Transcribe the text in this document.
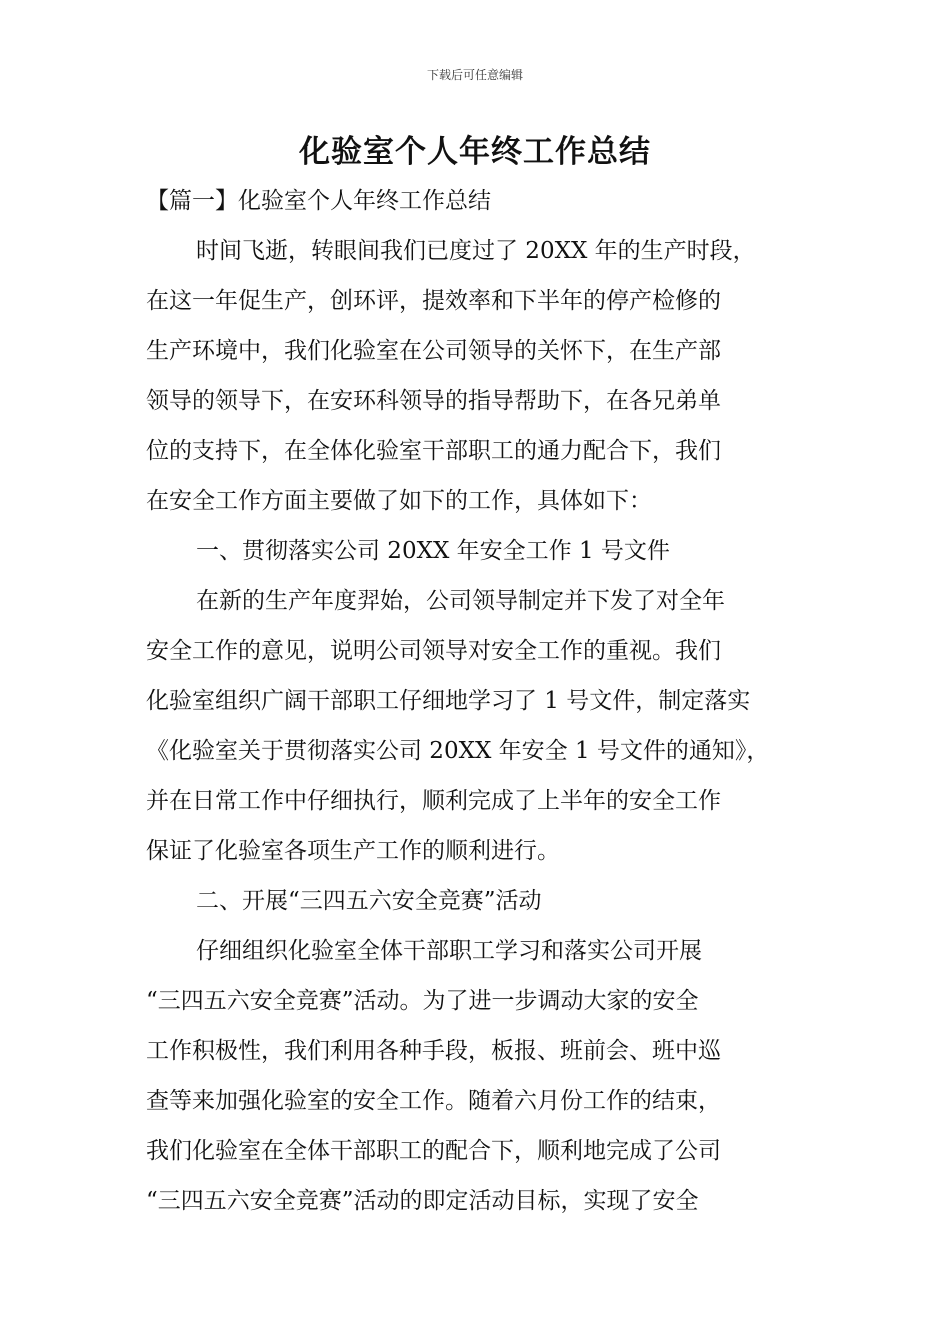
下载后可任意编辑
化验室个人年终工作总结
【篇一】化验室个人年终工作总结
时间飞逝，转眼间我们已度过了 20XX 年的生产时段，
在这一年促生产，创环评，提效率和下半年的停产检修的
生产环境中，我们化验室在公司领导的关怀下，在生产部
领导的领导下，在安环科领导的指导帮助下，在各兄弟单
位的支持下，在全体化验室干部职工的通力配合下，我们
在安全工作方面主要做了如下的工作，具体如下：
一、贯彻落实公司 20XX 年安全工作 1 号文件
在新的生产年度羿始，公司领导制定并下发了对全年
安全工作的意见，说明公司领导对安全工作的重视。我们
化验室组织广阔干部职工仔细地学习了 1 号文件，制定落实
《化验室关于贯彻落实公司 20XX 年安全 1 号文件的通知》，
并在日常工作中仔细执行，顺利完成了上半年的安全工作
保证了化验室各项生产工作的顺利进行。
二、开展“三四五六安全竞赛”活动
仔细组织化验室全体干部职工学习和落实公司开展
“三四五六安全竞赛”活动。为了进一步调动大家的安全
工作积极性，我们利用各种手段，板报、班前会、班中巡
查等来加强化验室的安全工作。随着六月份工作的结束，
我们化验室在全体干部职工的配合下，顺利地完成了公司
“三四五六安全竞赛”活动的即定活动目标，实现了安全
